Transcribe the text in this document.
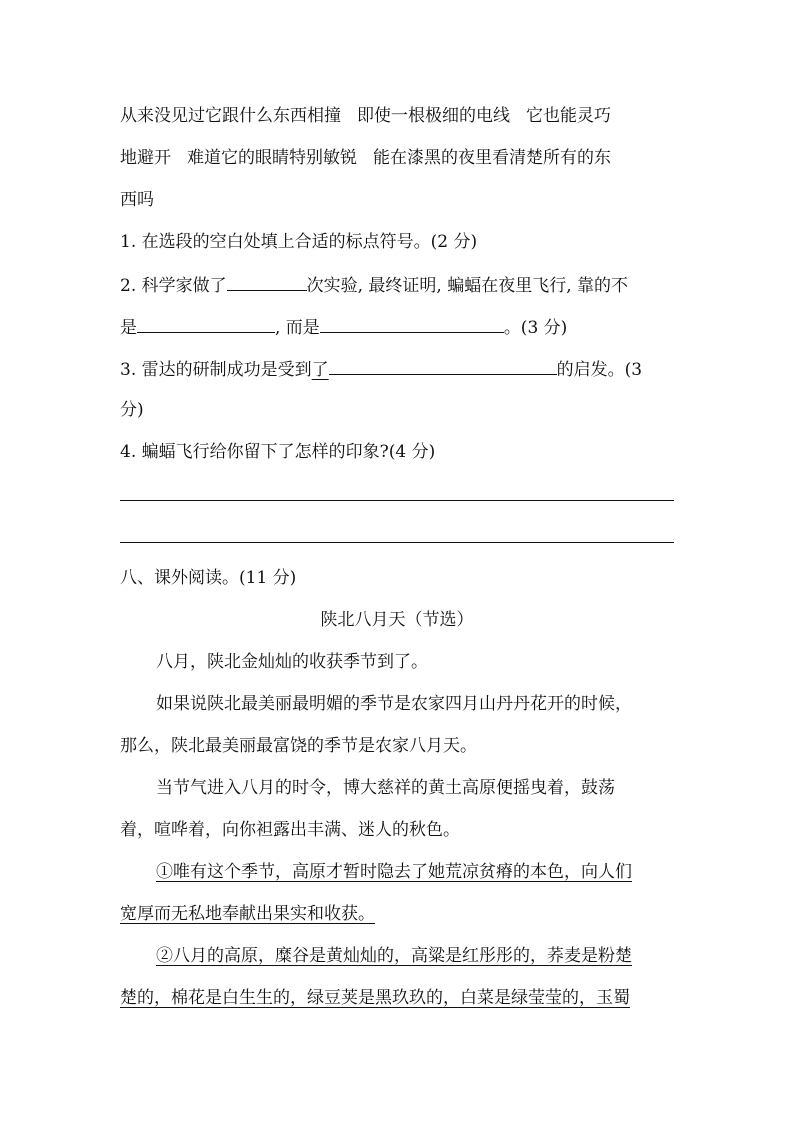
从来没见过它跟什么东西相撞 即使一根极细的电线 它也能灵巧
地避开 难道它的眼睛特别敏锐 能在漆黑的夜里看清楚所有的东
西吗
1. 在选段的空白处填上合适的标点符号。(2 分)
2. 科学家做了	次实验, 最终证明, 蝙蝠在夜里飞行, 靠的不
是	, 而是	。(3 分)
3. 雷达的研制成功是受到了	的启发。(3
分)
4. 蝙蝠飞行给你留下了怎样的印象?(4 分)
八、课外阅读。(11 分)
陕北八月天（节选）
八月，陕北金灿灿的收获季节到了。
如果说陕北最美丽最明媚的季节是农家四月山丹丹花开的时候，
那么，陕北最美丽最富饶的季节是农家八月天。
当节气进入八月的时令，博大慈祥的黄土高原便摇曳着，鼓荡
着，喧哗着，向你袒露出丰满、迷人的秋色。
①唯有这个季节，高原才暂时隐去了她荒凉贫瘠的本色，向人们
宽厚而无私地奉献出果实和收获。
②八月的高原，糜谷是黄灿灿的，高粱是红彤彤的，荞麦是粉楚
楚的，棉花是白生生的，绿豆荚是黑玖玖的，白菜是绿莹莹的，玉蜀
